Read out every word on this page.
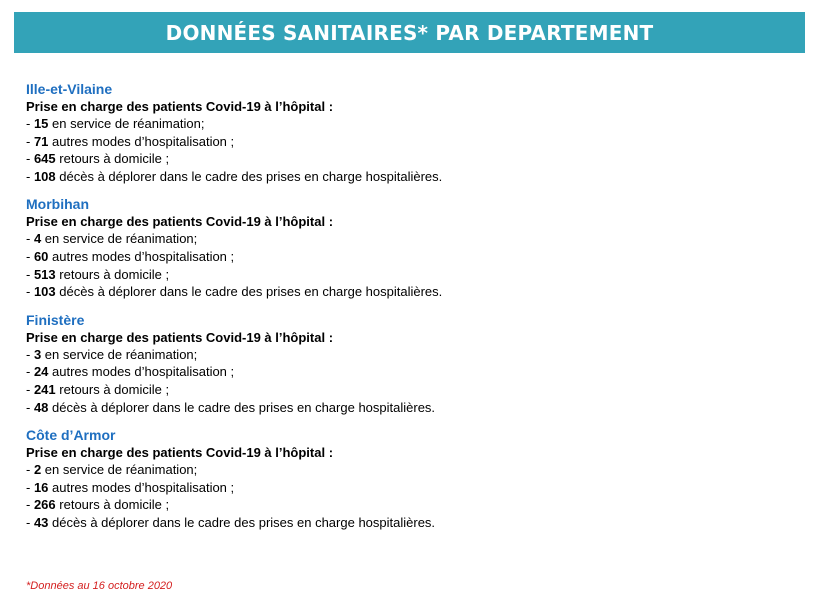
DONNÉES SANITAIRES* PAR DEPARTEMENT
Ille-et-Vilaine
Prise en charge des patients Covid-19 à l’hôpital :
- 15 en service de réanimation;
- 71 autres modes d’hospitalisation ;
- 645 retours à domicile ;
- 108 décès à déplorer dans le cadre des prises en charge hospitalières.
Morbihan
Prise en charge des patients Covid-19 à l’hôpital :
- 4 en service de réanimation;
- 60 autres modes d’hospitalisation ;
- 513 retours à domicile ;
- 103 décès à déplorer dans le cadre des prises en charge hospitalières.
Finistère
Prise en charge des patients Covid-19 à l’hôpital :
- 3 en service de réanimation;
- 24 autres modes d’hospitalisation ;
- 241 retours à domicile ;
- 48 décès à déplorer dans le cadre des prises en charge hospitalières.
Côte d’Armor
Prise en charge des patients Covid-19 à l’hôpital :
- 2 en service de réanimation;
- 16 autres modes d’hospitalisation ;
- 266 retours à domicile ;
- 43 décès à déplorer dans le cadre des prises en charge hospitalières.
*Données au 16 octobre 2020
